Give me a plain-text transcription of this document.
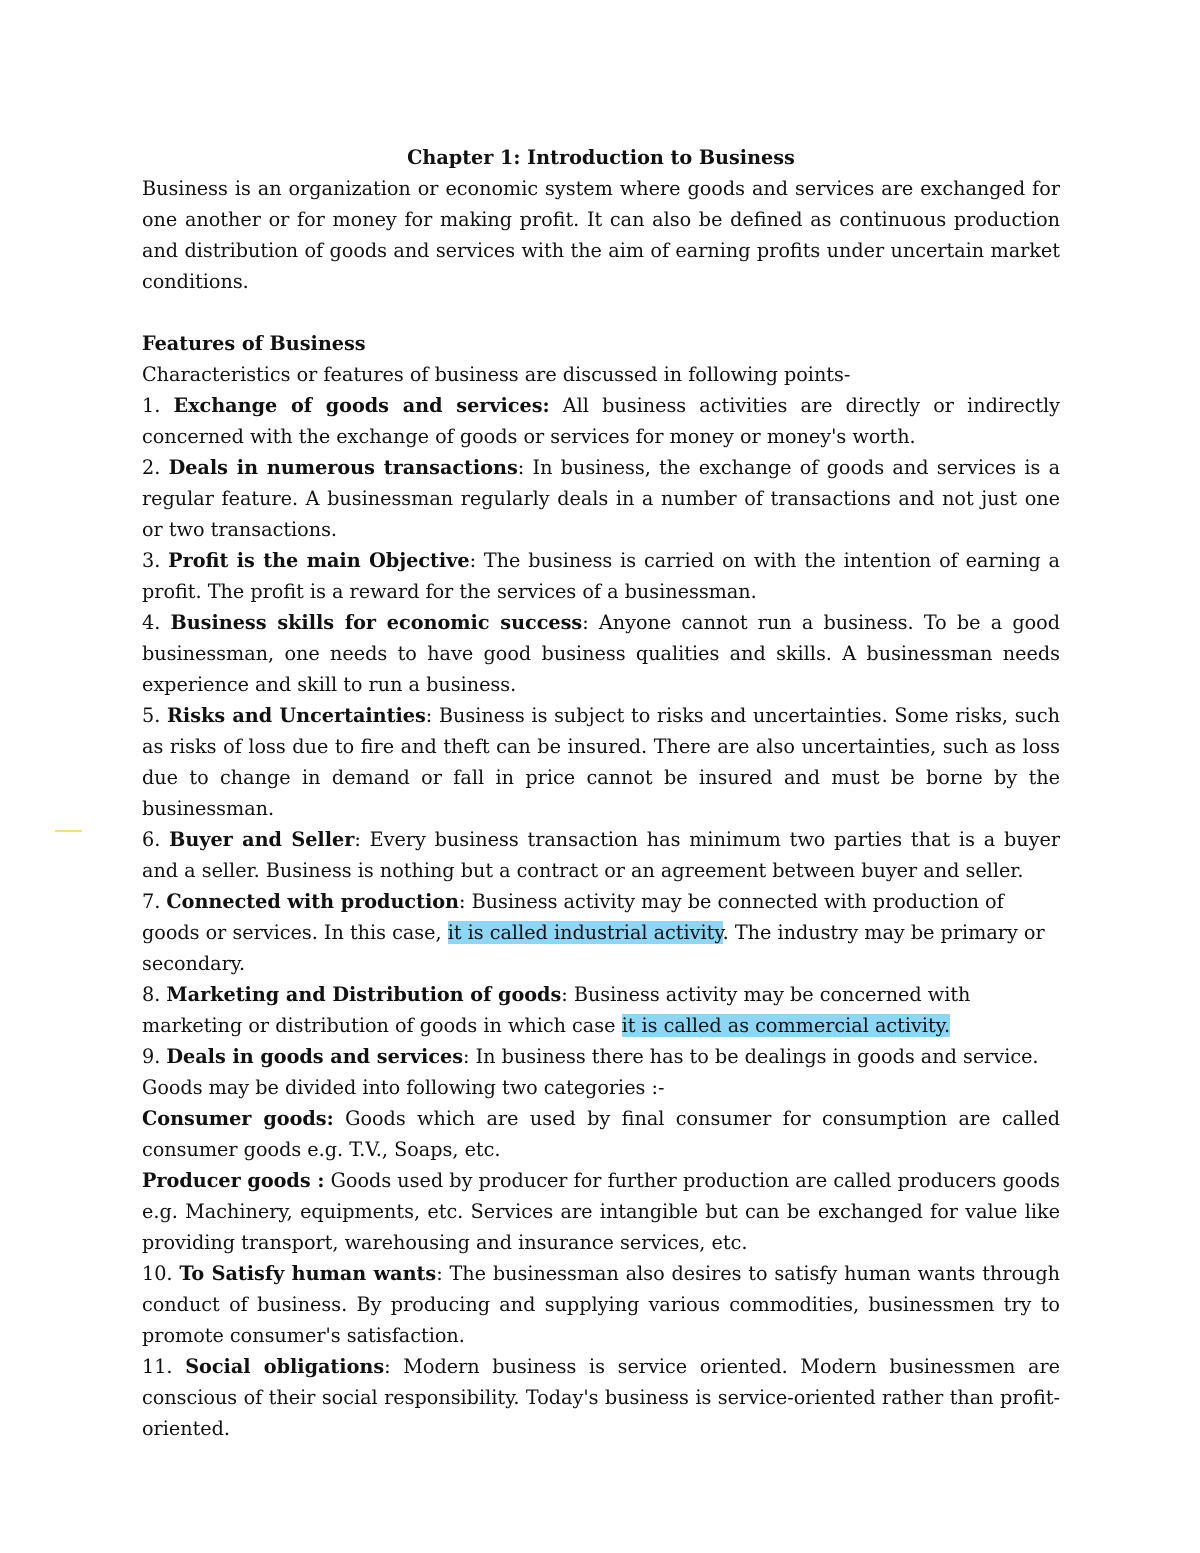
Chapter 1: Introduction to Business

Business is an organization or economic system where goods and services are exchanged for one another or for money for making profit. It can also be defined as continuous production and distribution of goods and services with the aim of earning profits under uncertain market conditions.

Features of Business

Characteristics or features of business are discussed in following points-

1. Exchange of goods and services: All business activities are directly or indirectly concerned with the exchange of goods or services for money or money's worth.

2. Deals in numerous transactions: In business, the exchange of goods and services is a regular feature. A businessman regularly deals in a number of transactions and not just one or two transactions.

3. Profit is the main Objective: The business is carried on with the intention of earning a profit. The profit is a reward for the services of a businessman.

4. Business skills for economic success: Anyone cannot run a business. To be a good businessman, one needs to have good business qualities and skills. A businessman needs experience and skill to run a business.

5. Risks and Uncertainties: Business is subject to risks and uncertainties. Some risks, such as risks of loss due to fire and theft can be insured. There are also uncertainties, such as loss due to change in demand or fall in price cannot be insured and must be borne by the businessman.

6. Buyer and Seller: Every business transaction has minimum two parties that is a buyer and a seller. Business is nothing but a contract or an agreement between buyer and seller.

7. Connected with production: Business activity may be connected with production of goods or services. In this case, it is called industrial activity. The industry may be primary or secondary.

8. Marketing and Distribution of goods: Business activity may be concerned with marketing or distribution of goods in which case it is called as commercial activity.

9. Deals in goods and services: In business there has to be dealings in goods and service.

Goods may be divided into following two categories :-

Consumer goods: Goods which are used by final consumer for consumption are called consumer goods e.g. T.V., Soaps, etc.

Producer goods : Goods used by producer for further production are called producers goods e.g. Machinery, equipments, etc. Services are intangible but can be exchanged for value like providing transport, warehousing and insurance services, etc.

10. To Satisfy human wants: The businessman also desires to satisfy human wants through conduct of business. By producing and supplying various commodities, businessmen try to promote consumer's satisfaction.

11. Social obligations: Modern business is service oriented. Modern businessmen are conscious of their social responsibility. Today's business is service-oriented rather than profit-oriented.
